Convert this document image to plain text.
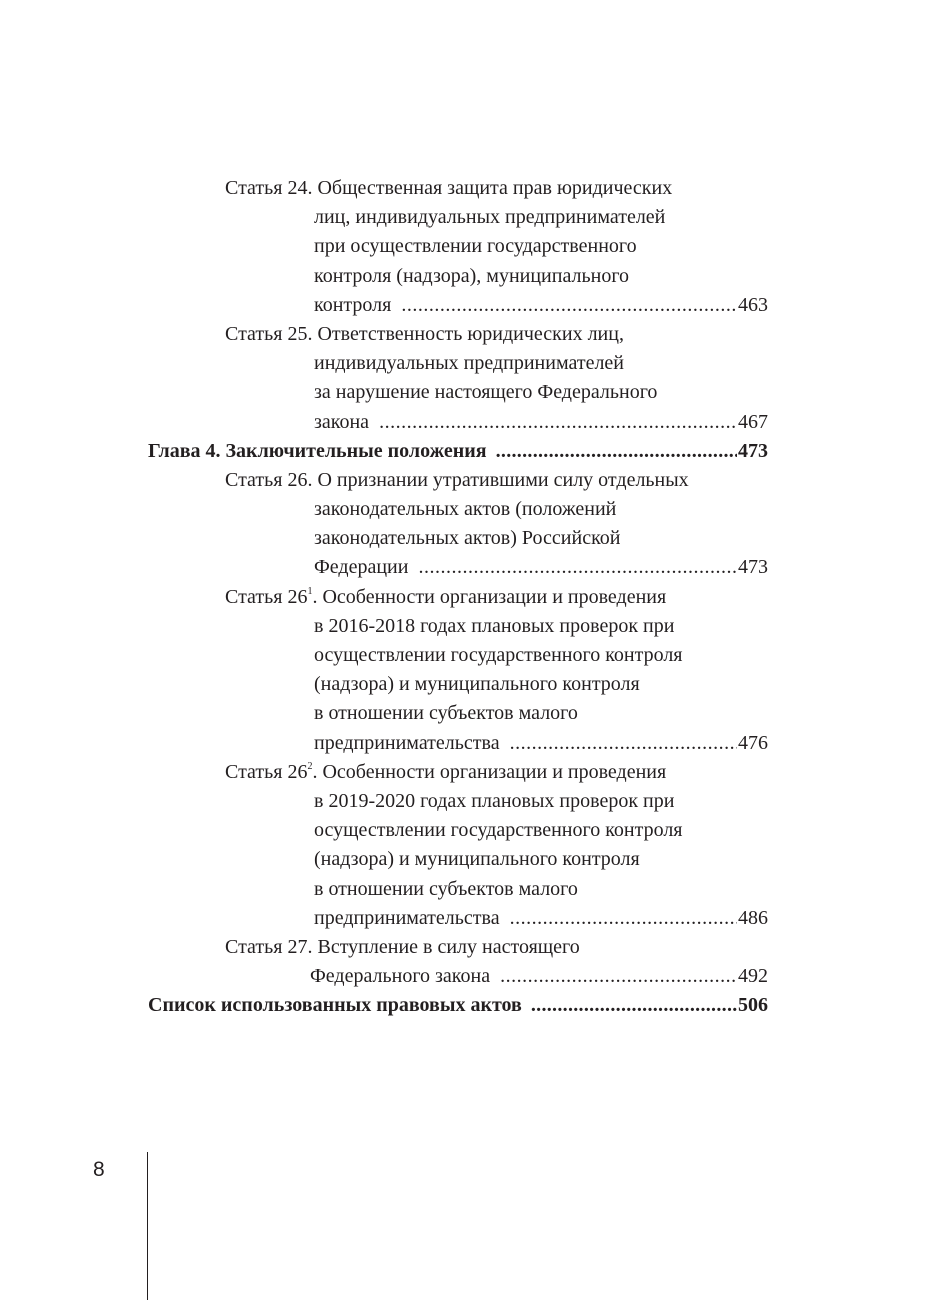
Статья 24. Общественная защита прав юридических
лиц, индивидуальных предпринимателей
при осуществлении государственного
контроля (надзора), муниципального
контроля .....	463
Статья 25. Ответственность юридических лиц,
индивидуальных предпринимателей
за нарушение настоящего Федерального
закона .....	467
Глава 4. Заключительные положения .....	473
Статья 26. О признании утратившими силу отдельных
законодательных актов (положений
законодательных актов) Российской
Федерации .....	473
Статья $26^1$. Особенности организации и проведения
в 2016-2018 годах плановых проверок при
осуществлении государственного контроля
(надзора) и муниципального контроля
в отношении субъектов малого
предпринимательства .....	476
Статья $26^2$. Особенности организации и проведения
в 2019-2020 годах плановых проверок при
осуществлении государственного контроля
(надзора) и муниципального контроля
в отношении субъектов малого
предпринимательства .....	486
Статья 27. Вступление в силу настоящего
Федерального закона .....	492
Список использованных правовых актов .....	506
8
